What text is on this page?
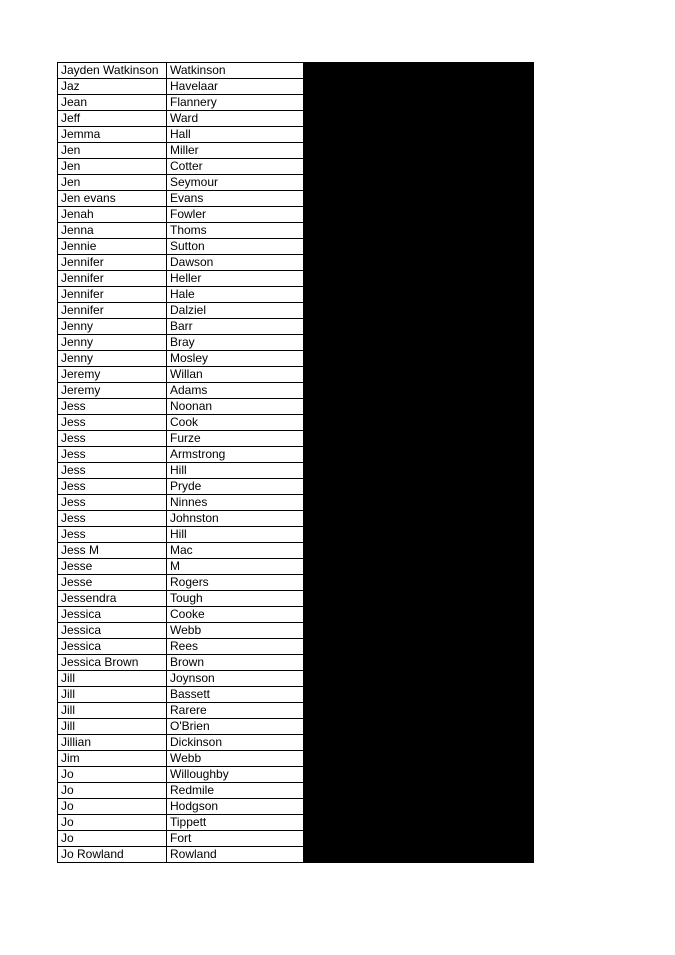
Jayden Watkinson	Watkinson	
Jaz	Havelaar	
Jean	Flannery	
Jeff	Ward	
Jemma	Hall	
Jen	Miller	
Jen	Cotter	
Jen	Seymour	
Jen evans	Evans	
Jenah	Fowler	
Jenna	Thoms	
Jennie	Sutton	
Jennifer	Dawson	
Jennifer	Heller	
Jennifer	Hale	
Jennifer	Dalziel	
Jenny	Barr	
Jenny	Bray	
Jenny	Mosley	
Jeremy	Willan	
Jeremy	Adams	
Jess	Noonan	
Jess	Cook	
Jess	Furze	
Jess	Armstrong	
Jess	Hill	
Jess	Pryde	
Jess	Ninnes	
Jess	Johnston	
Jess	Hill	
Jess M	Mac	
Jesse	M	
Jesse	Rogers	
Jessendra	Tough	
Jessica	Cooke	
Jessica	Webb	
Jessica	Rees	
Jessica Brown	Brown	
Jill	Joynson	
Jill	Bassett	
Jill	Rarere	
Jill	O'Brien	
Jillian	Dickinson	
Jim	Webb	
Jo	Willoughby	
Jo	Redmile	
Jo	Hodgson	
Jo	Tippett	
Jo	Fort	
Jo Rowland	Rowland	
